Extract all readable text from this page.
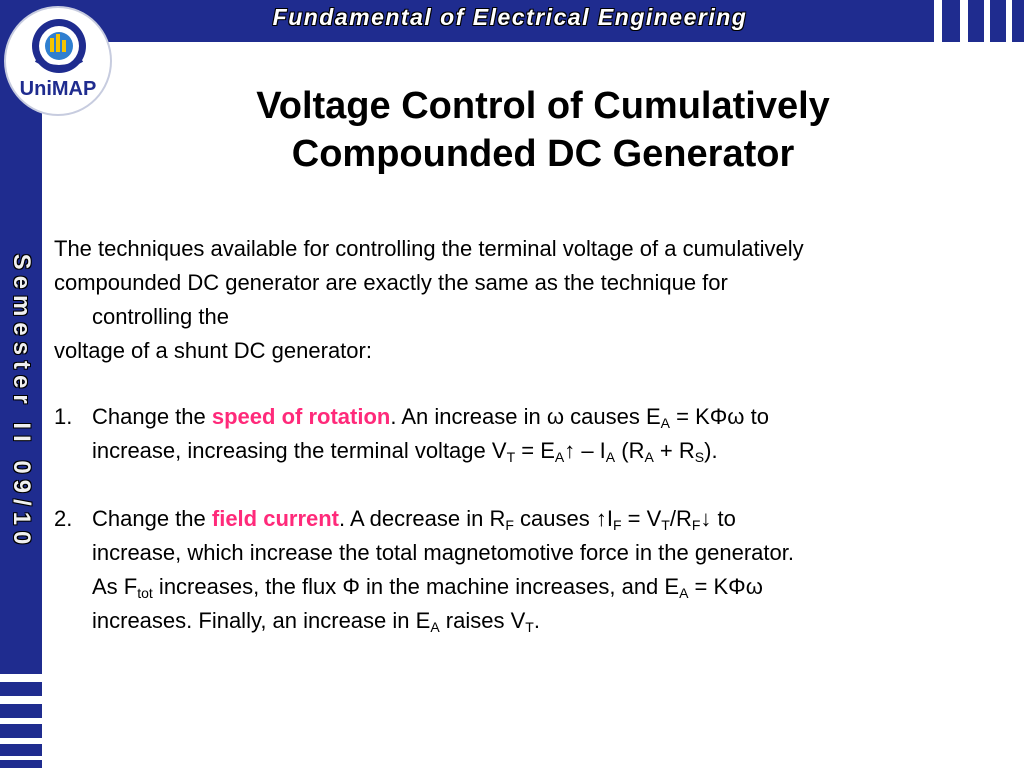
Fundamental of Electrical Engineering
Semester II 09/10
UniMAP	Voltage Control of Cumulatively
Compounded DC Generator
The techniques available for controlling the terminal voltage of a cumulatively
compounded DC generator are exactly the same as the technique for
controlling the
voltage of a shunt DC generator:
1. Change the speed of rotation. An increase in ω causes $E_A = K\Phi\omega$ to
increase, increasing the terminal voltage $V_T$ = $E_A↑ - I_A$ $(R_A + R_S)$.
2. Change the field current. A decrease in $R_F$ causes $↑I_F$ = $V_T/R_F↓$ to
increase, which increase the total magnetomotive force in the generator.
As $F_{tot}$ increases, the flux Φ in the machine increases, and $E_A = K\Phi\omega$
increases. Finally, an increase in $E_A$ raises $V_T$.
